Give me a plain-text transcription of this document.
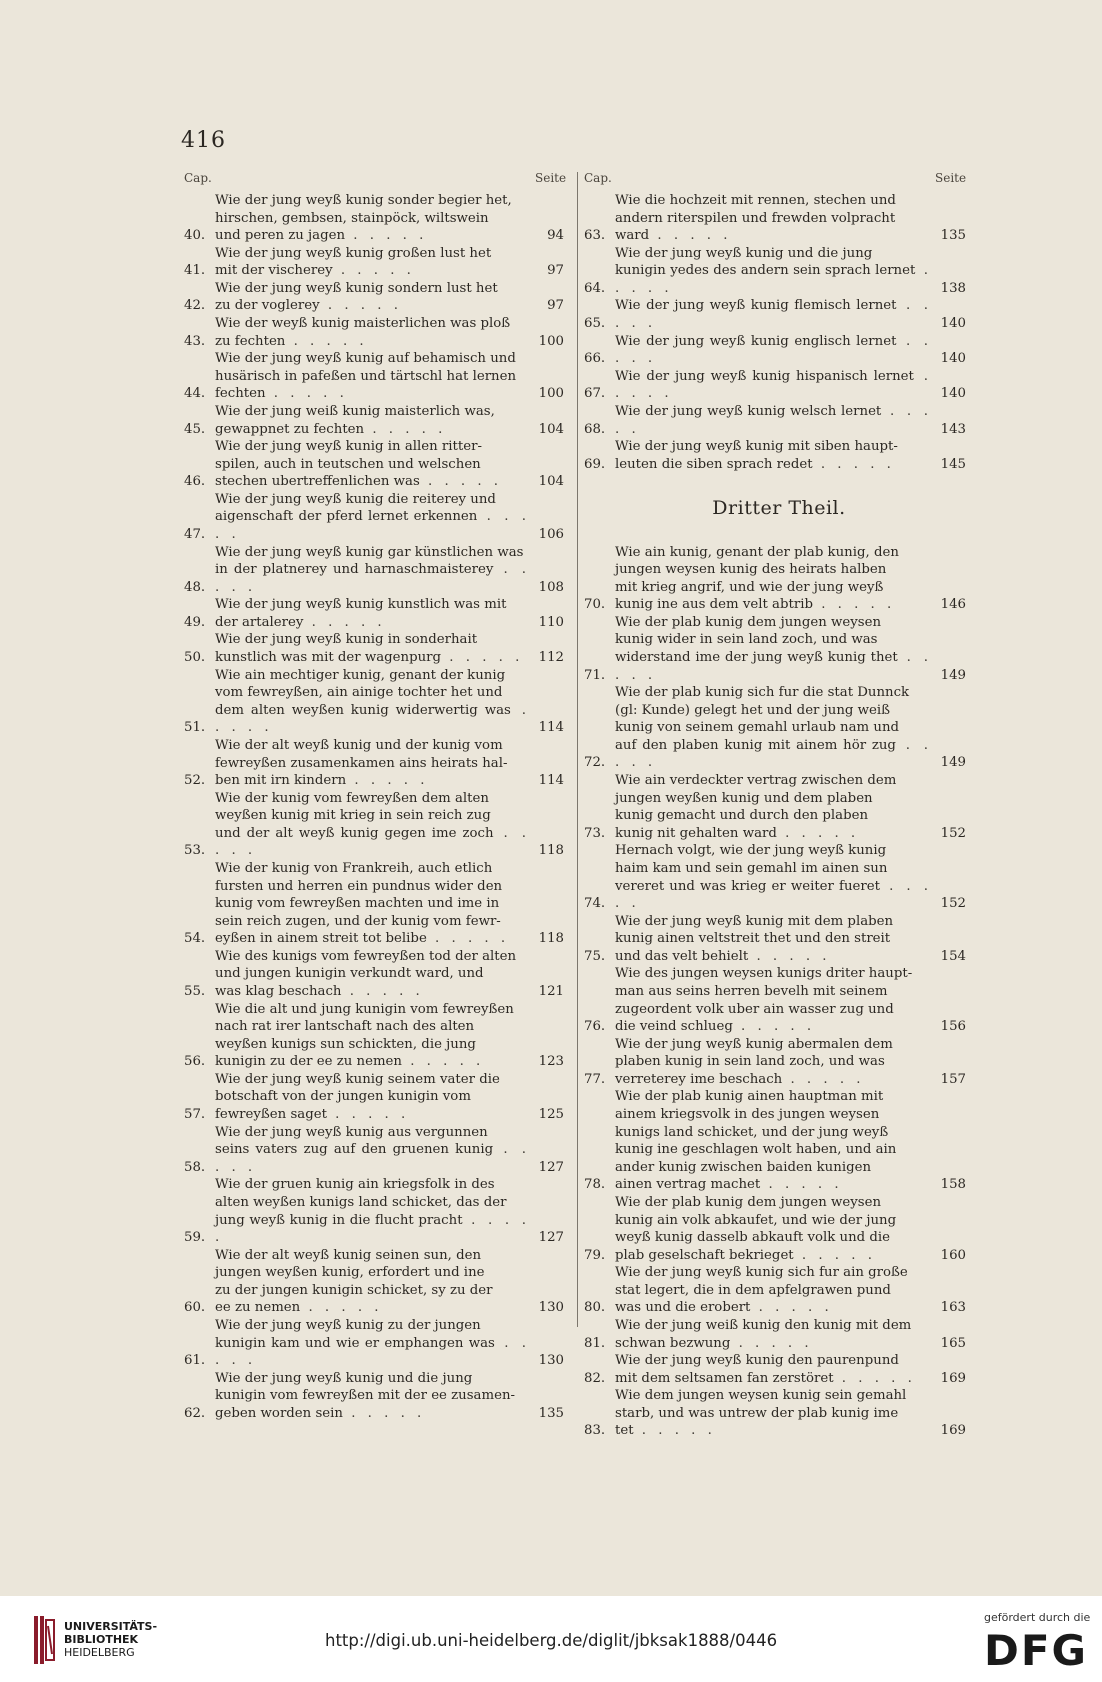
416
Cap.	Seite Cap.	Seite
40.
Wie der jung weyß kunig sonder begier het,
hirschen, gembsen, stainpöck, wiltswein
und peren zu jagen . . . . .	94
41.
Wie der jung weyß kunig großen lust het
mit der vischerey . . . . .	97
42.
Wie der jung weyß kunig sondern lust het
zu der voglerey . . . . .	97
43.
Wie der weyß kunig maisterlichen was ploß
zu fechten . . . . .	100
44.
Wie der jung weyß kunig auf behamisch und
husärisch in pafeßen und tärtschl hat lernen
fechten . . . . .	100
45.
Wie der jung weiß kunig maisterlich was,
gewappnet zu fechten . . . . .	104
46.
Wie der jung weyß kunig in allen ritter-
spilen, auch in teutschen und welschen
stechen ubertreffenlichen was . . . . .	104
47.
Wie der jung weyß kunig die reiterey und
aigenschaft der pferd lernet erkennen . . . . .	106
48.
Wie der jung weyß kunig gar künstlichen was
in der platnerey und harnaschmaisterey . . . . .	108
49.
Wie der jung weyß kunig kunstlich was mit
der artalerey . . . . .	110
50.
Wie der jung weyß kunig in sonderhait
kunstlich was mit der wagenpurg . . . . .	112
51.
Wie ain mechtiger kunig, genant der kunig
vom fewreyßen, ain ainige tochter het und
dem alten weyßen kunig widerwertig was . . . . .	114
52.
Wie der alt weyß kunig und der kunig vom
fewreyßen zusamenkamen ains heirats hal-
ben mit irn kindern . . . . .	114
53.
Wie der kunig vom fewreyßen dem alten
weyßen kunig mit krieg in sein reich zug
und der alt weyß kunig gegen ime zoch . . . . .	118
54.
Wie der kunig von Frankreih, auch etlich
fursten und herren ein pundnus wider den
kunig vom fewreyßen machten und ime in
sein reich zugen, und der kunig vom fewr-
eyßen in ainem streit tot belibe . . . . .	118
55.
Wie des kunigs vom fewreyßen tod der alten
und jungen kunigin verkundt ward, und
was klag beschach . . . . .	121
56.
Wie die alt und jung kunigin vom fewreyßen
nach rat irer lantschaft nach des alten
weyßen kunigs sun schickten, die jung
kunigin zu der ee zu nemen . . . . .	123
57.
Wie der jung weyß kunig seinem vater die
botschaft von der jungen kunigin vom
fewreyßen saget . . . . .	125
58.
Wie der jung weyß kunig aus vergunnen
seins vaters zug auf den gruenen kunig . . . . .	127
59.
Wie der gruen kunig ain kriegsfolk in des
alten weyßen kunigs land schicket, das der
jung weyß kunig in die flucht pracht . . . . .	127
60.
Wie der alt weyß kunig seinen sun, den
jungen weyßen kunig, erfordert und ine
zu der jungen kunigin schicket, sy zu der
ee zu nemen . . . . .	130
61.
Wie der jung weyß kunig zu der jungen
kunigin kam und wie er emphangen was . . . . .	130
62.
Wie der jung weyß kunig und die jung
kunigin vom fewreyßen mit der ee zusamen-
geben worden sein . . . . .	135
63.
Wie die hochzeit mit rennen, stechen und
andern riterspilen und frewden volpracht
ward . . . . .	135
64.
Wie der jung weyß kunig und die jung
kunigin yedes des andern sein sprach lernet . . . . .	138
65.
Wie der jung weyß kunig flemisch lernet . . . . .	140
66.
Wie der jung weyß kunig englisch lernet . . . . .	140
67.
Wie der jung weyß kunig hispanisch lernet . . . . .	140
68.
Wie der jung weyß kunig welsch lernet . . . . .	143
69.
Wie der jung weyß kunig mit siben haupt-
leuten die siben sprach redet . . . . .	145
Dritter Theil.
70.
Wie ain kunig, genant der plab kunig, den
jungen weysen kunig des heirats halben
mit krieg angrif, und wie der jung weyß
kunig ine aus dem velt abtrib . . . . .	146
71.
Wie der plab kunig dem jungen weysen
kunig wider in sein land zoch, und was
widerstand ime der jung weyß kunig thet . . . . .	149
72.
Wie der plab kunig sich fur die stat Dunnck
(gl: Kunde) gelegt het und der jung weiß
kunig von seinem gemahl urlaub nam und
auf den plaben kunig mit ainem hör zug . . . . .	149
73.
Wie ain verdeckter vertrag zwischen dem
jungen weyßen kunig und dem plaben
kunig gemacht und durch den plaben
kunig nit gehalten ward . . . . .	152
74.
Hernach volgt, wie der jung weyß kunig
haim kam und sein gemahl im ainen sun
vereret und was krieg er weiter fueret . . . . .	152
75.
Wie der jung weyß kunig mit dem plaben
kunig ainen veltstreit thet und den streit
und das velt behielt . . . . .	154
76.
Wie des jungen weysen kunigs driter haupt-
man aus seins herren bevelh mit seinem
zugeordent volk uber ain wasser zug und
die veind schlueg . . . . .	156
77.
Wie der jung weyß kunig abermalen dem
plaben kunig in sein land zoch, und was
verreterey ime beschach . . . . .	157
78.
Wie der plab kunig ainen hauptman mit
ainem kriegsvolk in des jungen weysen
kunigs land schicket, und der jung weyß
kunig ine geschlagen wolt haben, und ain
ander kunig zwischen baiden kunigen
ainen vertrag machet . . . . .	158
79.
Wie der plab kunig dem jungen weysen
kunig ain volk abkaufet, und wie der jung
weyß kunig dasselb abkauft volk und die
plab geselschaft bekrieget . . . . .	160
80.
Wie der jung weyß kunig sich fur ain große
stat legert, die in dem apfelgrawen pund
was und die erobert . . . . .	163
81.
Wie der jung weiß kunig den kunig mit dem
schwan bezwung . . . . .	165
82.
Wie der jung weyß kunig den paurenpund
mit dem seltsamen fan zerstöret . . . . .	169
83.
Wie dem jungen weysen kunig sein gemahl
starb, und was untrew der plab kunig ime
tet . . . . .	169
UNIVERSITÄTS-
BIBLIOTHEK
HEIDELBERG
http://digi.ub.uni-heidelberg.de/diglit/jbksak1888/0446
gefördert durch die
DFG
